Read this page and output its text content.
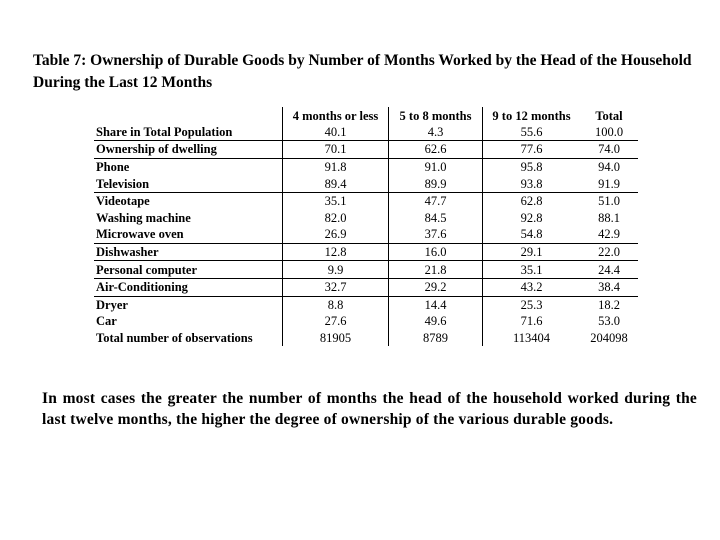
Table 7: Ownership of Durable Goods by Number of Months Worked by the Head of the Household During the Last 12 Months
	4 months or less	5 to 8 months	9 to 12 months	Total
Share in Total Population	40.1	4.3	55.6	100.0
Ownership of dwelling	70.1	62.6	77.6	74.0
Phone	91.8	91.0	95.8	94.0
Television	89.4	89.9	93.8	91.9
Videotape	35.1	47.7	62.8	51.0
Washing machine	82.0	84.5	92.8	88.1
Microwave oven	26.9	37.6	54.8	42.9
Dishwasher	12.8	16.0	29.1	22.0
Personal computer	9.9	21.8	35.1	24.4
Air-Conditioning	32.7	29.2	43.2	38.4
Dryer	8.8	14.4	25.3	18.2
Car	27.6	49.6	71.6	53.0
Total number of observations	81905	8789	113404	204098
In most cases the greater the number of months the head of the household worked during the last twelve months, the higher the degree of ownership of the various durable goods.
